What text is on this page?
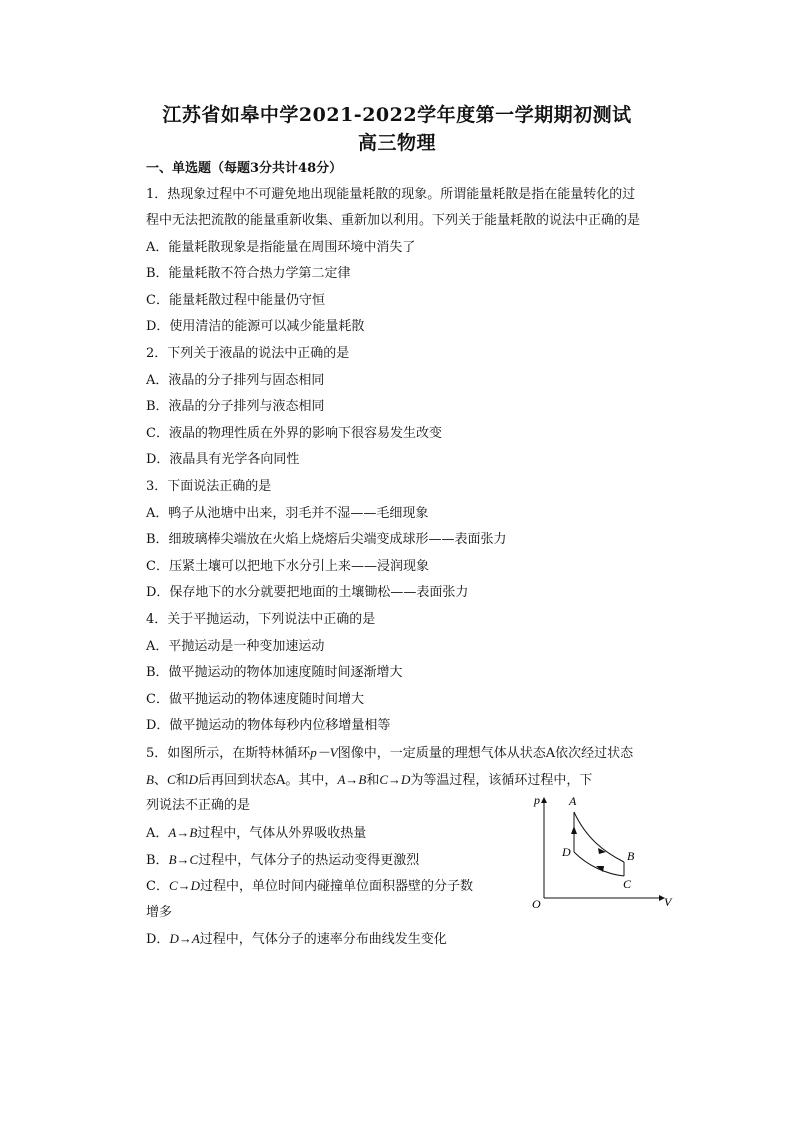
江苏省如皋中学2021-2022学年度第一学期期初测试
高三物理
一、单选题（每题3分共计48分）
1．热现象过程中不可避免地出现能量耗散的现象。所谓能量耗散是指在能量转化的过
程中无法把流散的能量重新收集、重新加以利用。下列关于能量耗散的说法中正确的是
A．能量耗散现象是指能量在周围环境中消失了
B．能量耗散不符合热力学第二定律
C．能量耗散过程中能量仍守恒
D．使用清洁的能源可以减少能量耗散
2．下列关于液晶的说法中正确的是
A．液晶的分子排列与固态相同
B．液晶的分子排列与液态相同
C．液晶的物理性质在外界的影响下很容易发生改变
D．液晶具有光学各向同性
3．下面说法正确的是
A．鸭子从池塘中出来，羽毛并不湿——毛细现象
B．细玻璃棒尖端放在火焰上烧熔后尖端变成球形——表面张力
C．压紧土壤可以把地下水分引上来——浸润现象
D．保存地下的水分就要把地面的土壤锄松——表面张力
4．关于平抛运动，下列说法中正确的是
A．平抛运动是一种变加速运动
B．做平抛运动的物体加速度随时间逐渐增大
C．做平抛运动的物体速度随时间增大
D．做平抛运动的物体每秒内位移增量相等
5．如图所示，在斯特林循环p－V图像中，一定质量的理想气体从状态A依次经过状态
B、C和D后再回到状态A。其中，A→B和C→D为等温过程，该循环过程中，下
列说法不正确的是
A．A→B过程中，气体从外界吸收热量
B．B→C过程中，气体分子的热运动变得更激烈
C．C→D过程中，单位时间内碰撞单位面积器壁的分子数
增多
D．D→A过程中，气体分子的速率分布曲线发生变化
p
V
O
A
B
C
D
